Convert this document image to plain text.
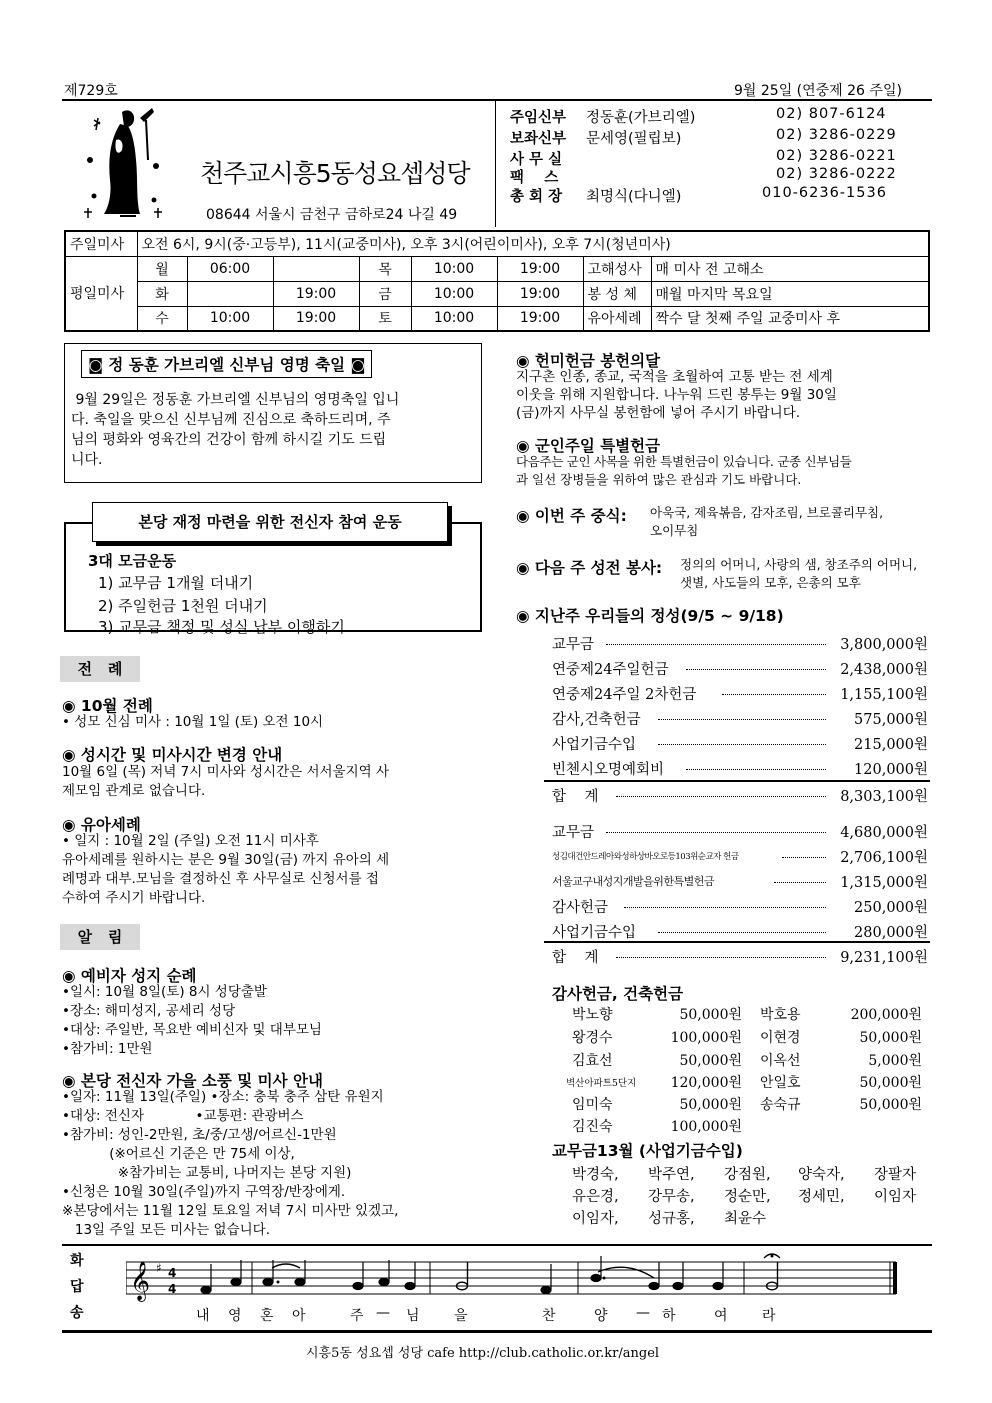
제729호	9월 25일 (연중제 26 주일)
천주교시흥5동성요셉성당
08644 서울시 금천구 금하로24 나길 49
주임신부 정동훈(가브리엘)	02) 807-6124
보좌신부 문세영(필립보)	02) 3286-0229
사 무 실	02) 3286-0221
팩    스	02) 3286-0222
총 회 장 최명식(다니엘)	010-6236-1536
주일미사	오전 6시, 9시(중·고등부), 11시(교중미사), 오후 3시(어린이미사), 오후 7시(청년미사)							
평일미사	월	06:00		목	10:00	19:00	고해성사	매 미사 전 고해소
	화		19:00	금	10:00	19:00	봉 성 체	매월 마지막 목요일
	수	10:00	19:00	토	10:00	19:00	유아세례	짝수 달 첫째 주일 교중미사 후
◙ 정 동훈 가브리엘 신부님 영명 축일 ◙
9월 29일은 정동훈 가브리엘 신부님의 영명축일 입니
다. 축일을 맞으신 신부님께 진심으로 축하드리며, 주
님의 평화와 영육간의 건강이 함께 하시길 기도 드립
니다.
3대 모금운동
1) 교무금 1개월 더내기
2) 주일헌금 1천원 더내기
3) 교무금 책정 및 성실 납부 이행하기
본당 재정 마련을 위한 전신자 참여 운동
전   례
◉ 10월 전례
• 성모 신심 미사 : 10월 1일 (토) 오전 10시
◉ 성시간 및 미사시간 변경 안내
10월 6일 (목) 저녁 7시 미사와 성시간은 서서울지역 사
제모임 관계로 없습니다.
◉ 유아세례
• 일지 : 10월 2일 (주일) 오전 11시 미사후
유아세례를 원하시는 분은 9월 30일(금) 까지 유아의 세
례명과 대부.모님을 결정하신 후 사무실로 신청서를 접
수하여 주시기 바랍니다.
알   림
◉ 예비자 성지 순례
•일시: 10월 8일(토) 8시 성당출발
•장소: 해미성지, 공세리 성당
•대상: 주일반, 목요반 예비신자 및 대부모님
•참가비: 1만원
◉ 본당 전신자 가을 소풍 및 미사 안내
•일자: 11월 13일(주일) •장소: 충북 충주 삼탄 유원지
•대상: 전신자            •교통편: 관광버스
•참가비: 성인-2만원, 초/중/고생/어르신-1만원
(※어르신 기준은 만 75세 이상,
※참가비는 교통비, 나머지는 본당 지원)
•신청은 10월 30일(주일)까지 구역장/반장에게.
※본당에서는 11월 12일 토요일 저녁 7시 미사만 있겠고,
13일 주일 모든 미사는 없습니다.
◉ 헌미헌금 봉헌의달
지구촌 인종, 종교, 국적을 초월하여 고통 받는 전 세계
이웃을 위해 지원합니다. 나누워 드린 봉투는 9월 30일
(금)까지 사무실 봉헌함에 넣어 주시기 바랍니다.
◉ 군인주일 특별헌금
다음주는 군인 사목을 위한 특별헌금이 있습니다. 군종 신부님들
과 일선 장병들을 위하여 많은 관심과 기도 바랍니다.
◉ 이번 주 중식: 아욱국, 제육볶음, 감자조림, 브로콜리무침,
오이무침
◉ 다음 주 성전 봉사: 정의의 어머니, 사랑의 샘, 창조주의 어머니,
샛별, 사도들의 모후, 은총의 모후
◉ 지난주 우리들의 정성(9/5 ~ 9/18)
교무금	3,800,000원
연중제24주일헌금	2,438,000원
연중제24주일 2차헌금	1,155,100원
감사,건축헌금	575,000원
사업기금수입	215,000원
빈첸시오명예회비	120,000원
합    계	8,303,100원
교무금	4,680,000원
성김대건안드레아와성하상바오로등103위순교자 헌금	2,706,100원
서울교구내성지개발을위한특별헌금	1,315,000원
감사헌금	250,000원
사업기금수입	280,000원
합    계	9,231,100원
감사헌금, 건축헌금
박노향	50,000원 박호용	200,000원
왕경수	100,000원 이현경	50,000원
김효선	50,000원 이옥선	5,000원
벽산아파트5단지	120,000원 안일호	50,000원
임미숙	50,000원 송숙규	50,000원
김진숙	100,000원
교무금13월 (사업기금수입)
박경숙, 박주연, 강점원, 양숙자, 장팔자
유은경, 강무송, 정순만, 정세민, 이임자
이임자, 성규홍, 최윤수
화
답
송
𝄞 ♯ 4
4
내 영 혼 아	주 — 님 을	찬	양 — 하	여 라
시흥5동 성요셉 성당 cafe http://club.catholic.or.kr/angel
